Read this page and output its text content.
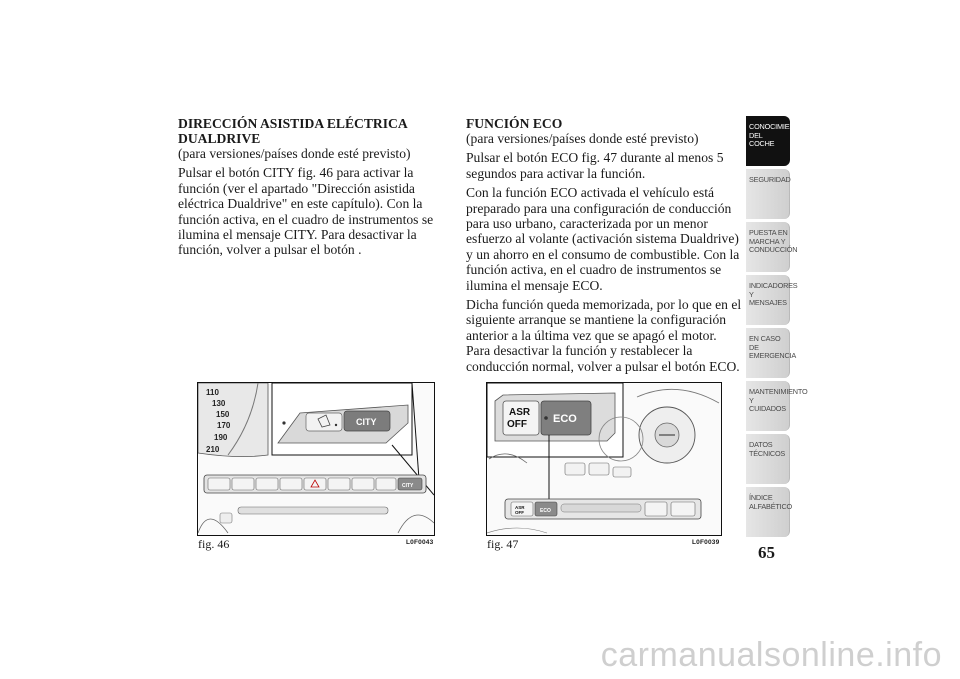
DIRECCIÓN ASISTIDA ELÉCTRICA
DUALDRIVE
(para versiones/países donde esté previsto)

Pulsar el botón CITY fig. 46 para activar la función (ver el apartado "Dirección asistida eléctrica Dualdrive" en este capítulo). Con la función activa, en el cuadro de instrumentos se ilumina el mensaje CITY. Para desactivar la función, volver a pulsar el botón .

FUNCIÓN ECO
(para versiones/países donde esté previsto)

Pulsar el botón ECO fig. 47 durante al menos 5 segundos para activar la función.

Con la función ECO activada el vehículo está preparado para una configuración de conducción para uso urbano, caracterizada por un menor esfuerzo al volante (activación sistema Dualdrive) y un ahorro en el consumo de combustible. Con la función activa, en el cuadro de instrumentos se ilumina el mensaje ECO.

Dicha función queda memorizada, por lo que en el siguiente arranque se mantiene la configuración anterior a la última vez que se apagó el motor. Para desactivar la función y restablecer la conducción normal, volver a pulsar el botón ECO.

110
130
150
170
190
210
CITY
CITY
fig. 46	L0F0043
ASR
OFF ECO
ASR
OFF	ECO
fig. 47	L0F0039
CONOCIMIENTO DEL COCHE
SEGURIDAD
PUESTA EN MARCHA Y CONDUCCIÓN
INDICADORES Y MENSAJES
EN CASO DE EMERGENCIA
MANTENIMIENTO Y CUIDADOS
DATOS TÉCNICOS
ÍNDICE ALFABÉTICO
65
carmanualsonline.info
